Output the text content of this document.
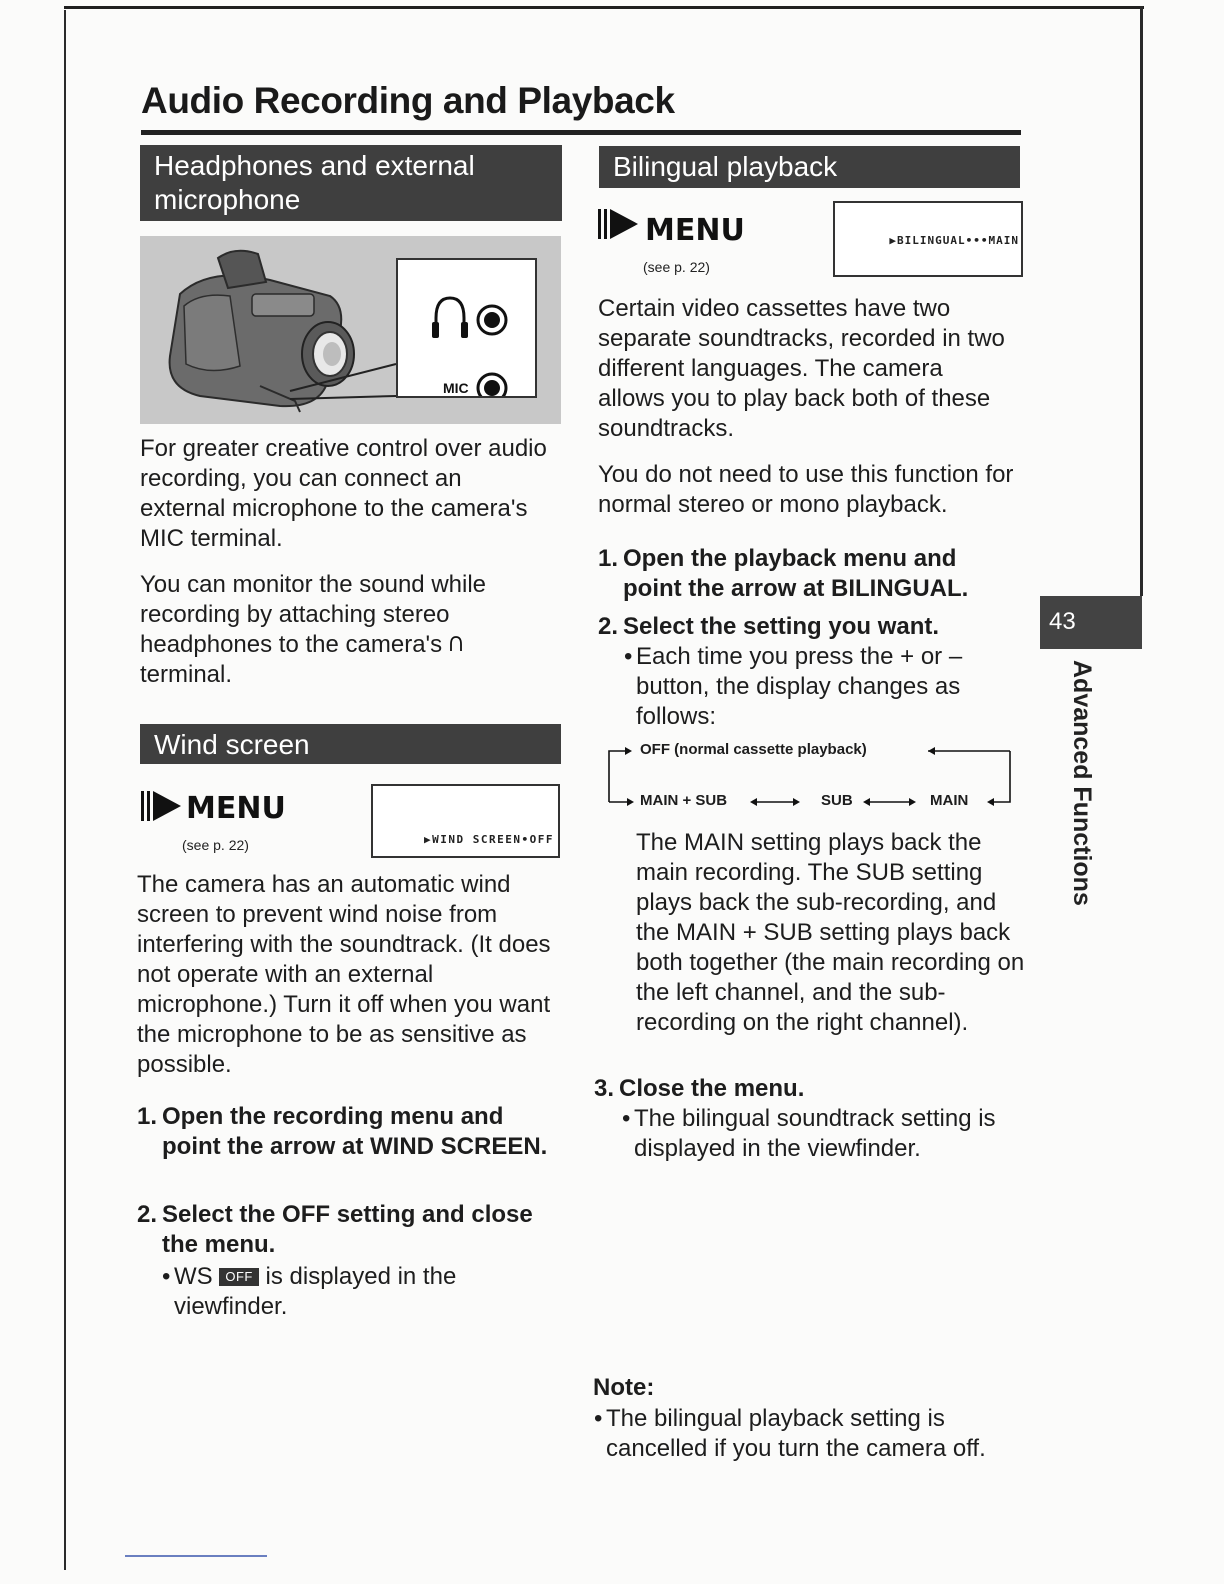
Audio Recording and Playback
Headphones and external microphone
MIC

For greater creative control over audio recording, you can connect an external microphone to the camera's MIC terminal.

You can monitor the sound while
recording by attaching stereo
headphones to the camera's
terminal.
Wind screen
MENU
(see p. 22)	▶WIND SCREEN•OFF

The camera has an automatic wind screen to prevent wind noise from interfering with the soundtrack. (It does not operate with an external microphone.) Turn it off when you want the microphone to be as sensitive as possible.

1. Open the recording menu and point the arrow at WIND SCREEN.
2. Select the OFF setting and close the menu.
• WS OFF is displayed in the
viewfinder.
Bilingual playback
MENU
(see p. 22)
▶BILINGUAL•••MAIN

Certain video cassettes have two separate soundtracks, recorded in two different languages. The camera allows you to play back both of these soundtracks.

You do not need to use this function for normal stereo or mono playback.

1. Open the playback menu and point the arrow at BILINGUAL.
2. Select the setting you want.
• Each time you press the + or – button, the display changes as follows:
OFF (normal cassette playback)
MAIN + SUB	SUB	MAIN

The MAIN setting plays back the main recording. The SUB setting plays back the sub-recording, and the MAIN + SUB setting plays back both together (the main recording on the left channel, and the sub-recording on the right channel).

3. Close the menu.
• The bilingual soundtrack setting is displayed in the viewfinder.
Note:
• The bilingual playback setting is cancelled if you turn the camera off.
43
Advanced Functions
